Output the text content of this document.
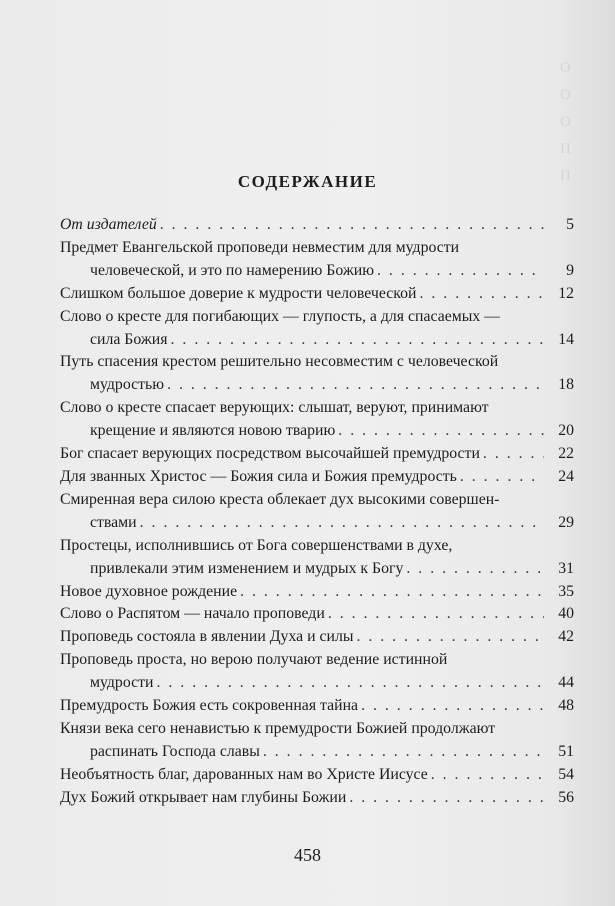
О
О
О
П
П
СОДЕРЖАНИЕ
От издателей . . .	5
Предмет Евангельской проповеди невместим для мудрости
человеческой, и это по намерению Божию . . .	9
Слишком большое доверие к мудрости человеческой . . .	12
Слово о кресте для погибающих — глупость, а для спасаемых —
сила Божия . . .	14
Путь спасения крестом решительно несовместим с человеческой
мудростью . . .	18
Слово о кресте спасает верующих: слышат, веруют, принимают
крещение и являются новою тварию . . .	20
Бог спасает верующих посредством высочайшей премудрости . . .	22
Для званных Христос — Божия сила и Божия премудрость . . .	24
Смиренная вера силою креста облекает дух высокими совершен-
ствами . . .	29
Простецы, исполнившись от Бога совершенствами в духе,
привлекали этим изменением и мудрых к Богу . . .	31
Новое духовное рождение . . .	35
Слово о Распятом — начало проповеди . . .	40
Проповедь состояла в явлении Духа и силы . . .	42
Проповедь проста, но верою получают ведение истинной
мудрости . . .	44
Премудрость Божия есть сокровенная тайна . . .	48
Князи века сего ненавистью к премудрости Божией продолжают
распинать Господа славы . . .	51
Необъятность благ, дарованных нам во Христе Иисусе . . .	54
Дух Божий открывает нам глубины Божии . . .	56
458
